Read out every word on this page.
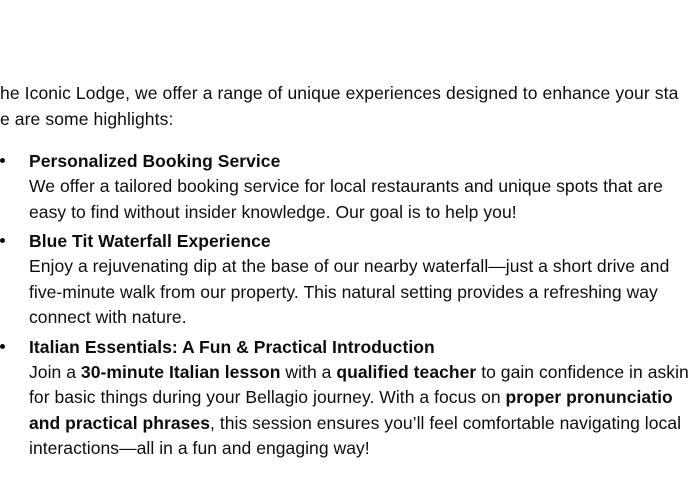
he Iconic Lodge, we offer a range of unique experiences designed to enhance your sta
e are some highlights:

Personalized Booking Service
We offer a tailored booking service for local restaurants and unique spots that are
easy to find without insider knowledge. Our goal is to help you!
Blue Tit Waterfall Experience
Enjoy a rejuvenating dip at the base of our nearby waterfall—just a short drive and
five-minute walk from our property. This natural setting provides a refreshing way
connect with nature.
Italian Essentials: A Fun & Practical Introduction
Join a 30-minute Italian lesson with a qualified teacher to gain confidence in askin
for basic things during your Bellagio journey. With a focus on proper pronunciatio
and practical phrases, this session ensures you’ll feel comfortable navigating local
interactions—all in a fun and engaging way!
